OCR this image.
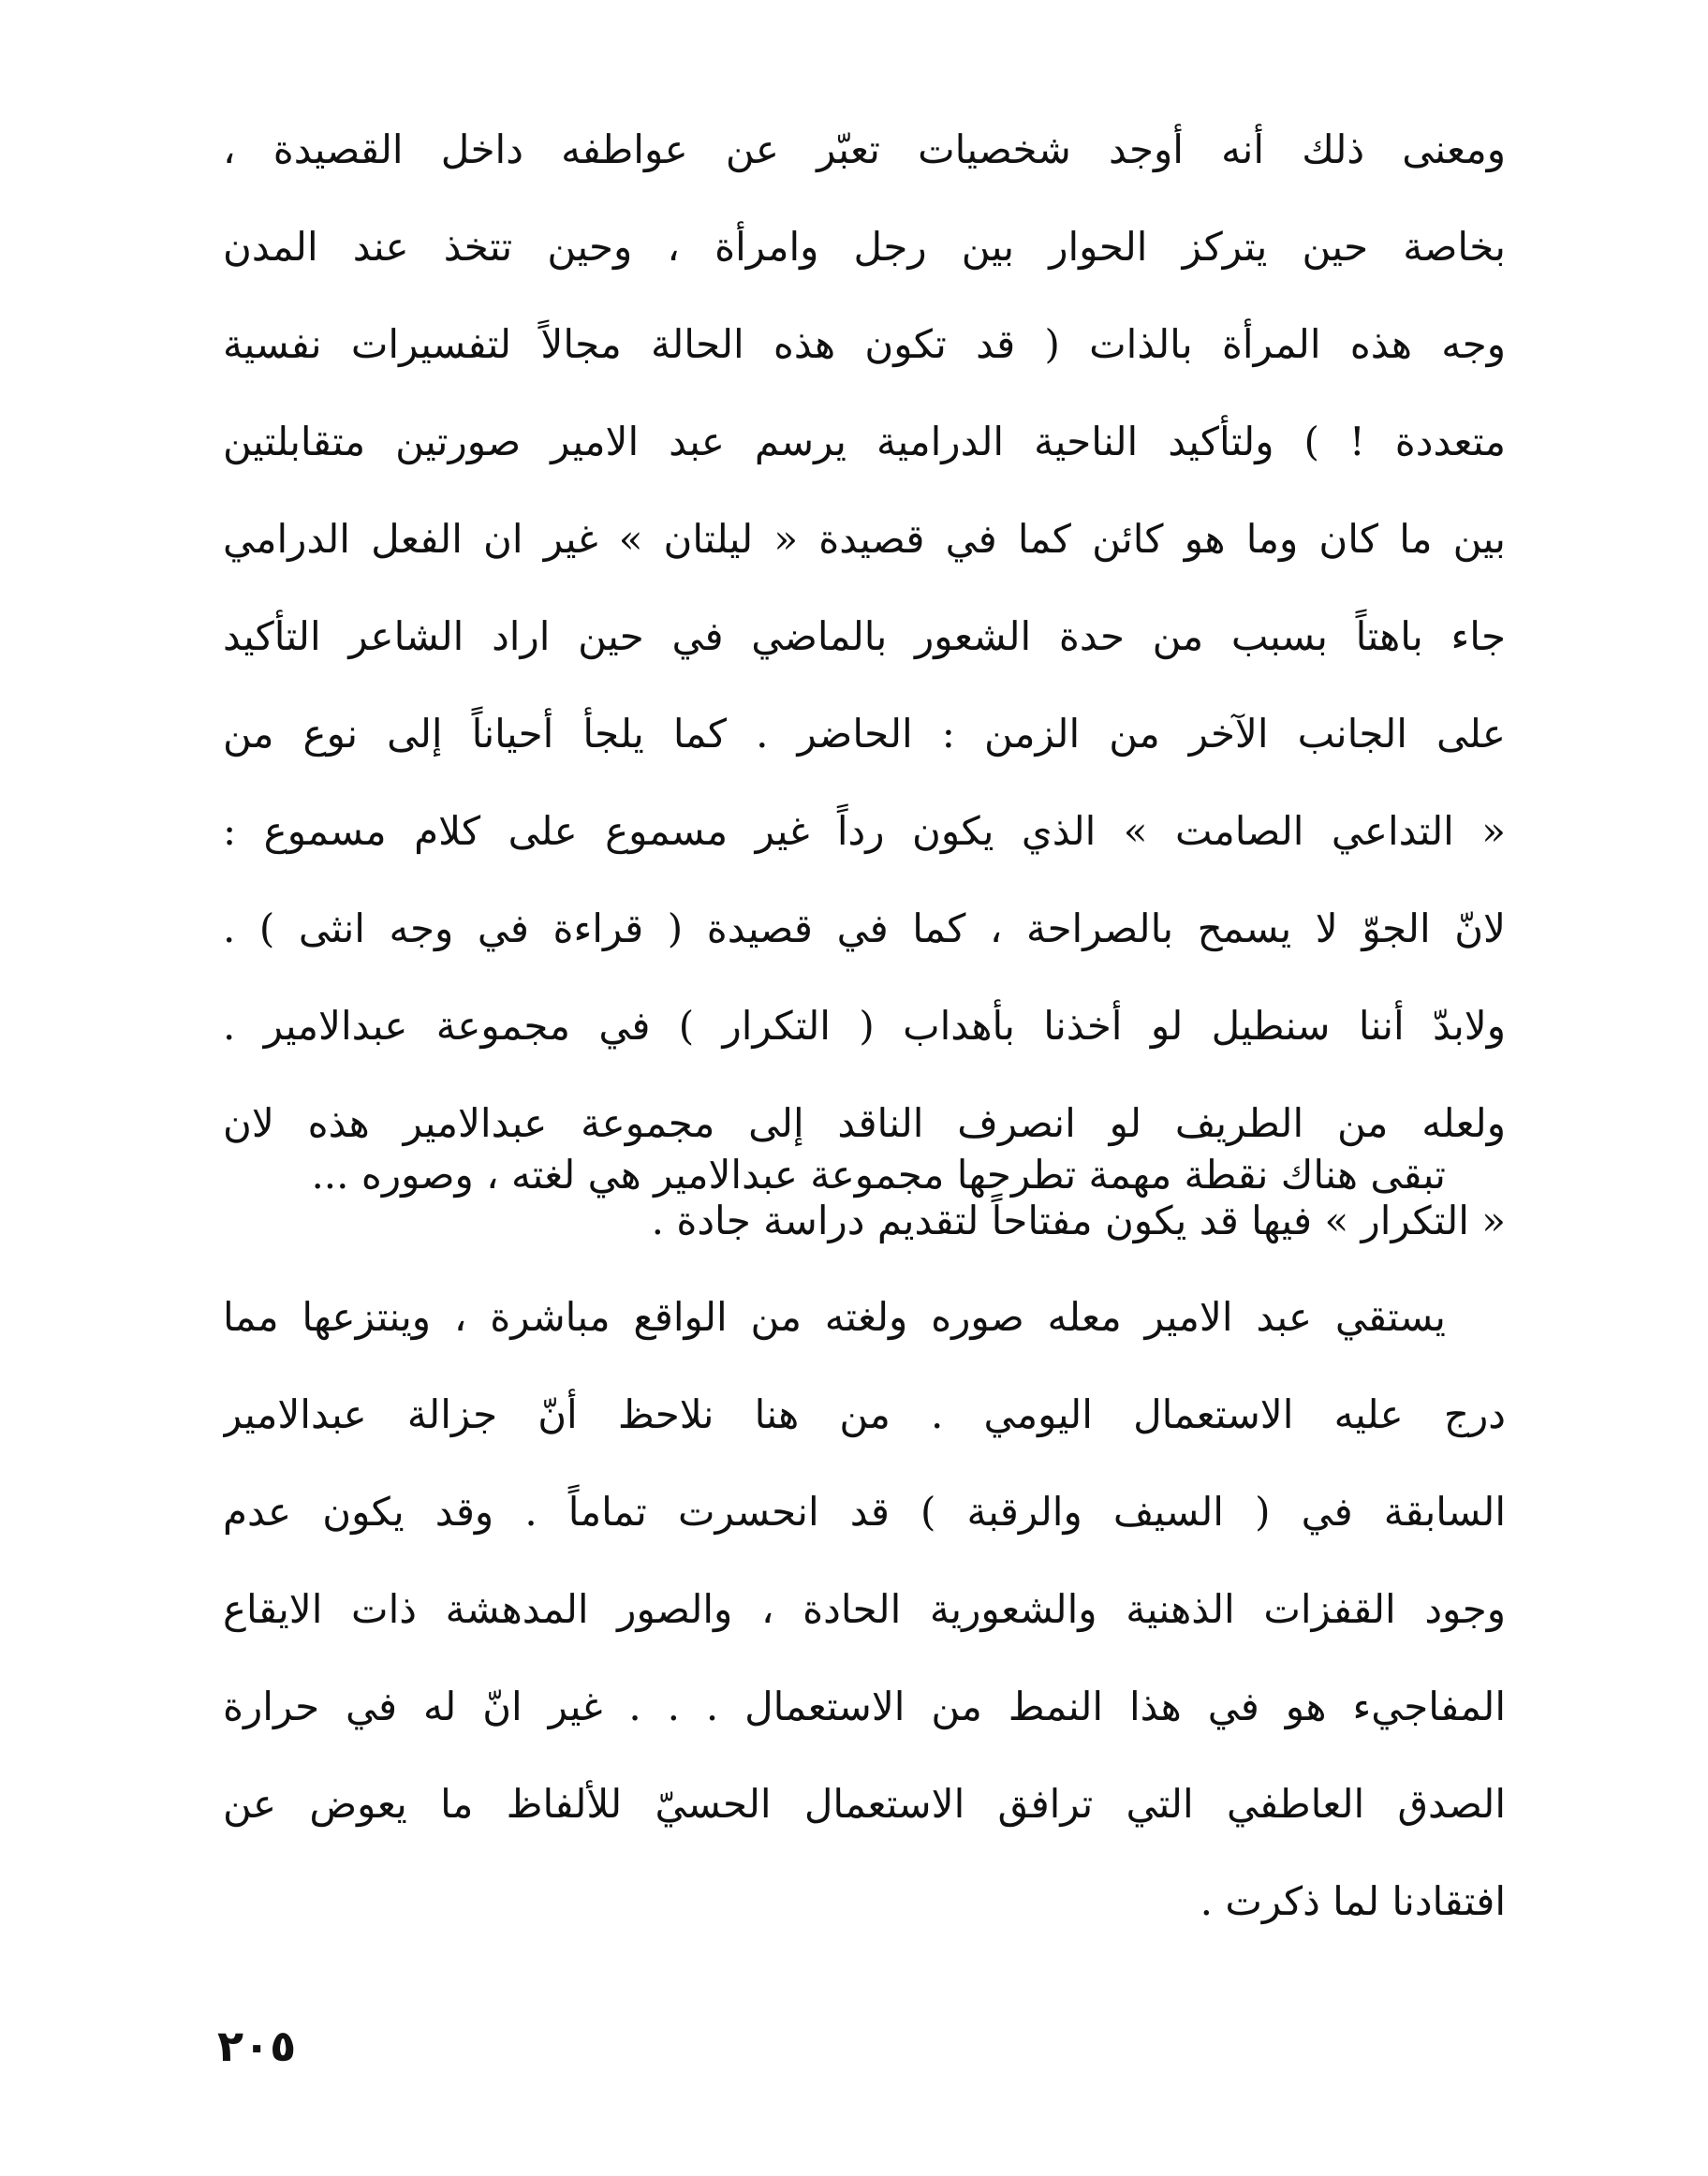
ومعنى ذلك أنه أوجد شخصيات تعبّر عن عواطفه داخل القصيدة ،
بخاصة حين يتركز الحوار بين رجل وامرأة ، وحين تتخذ عند المدن
وجه هذه المرأة بالذات ( قد تكون هذه الحالة مجالاً لتفسيرات نفسية
متعددة ! ) ولتأكيد الناحية الدرامية يرسم عبد الامير صورتين متقابلتين
بين ما كان وما هو كائن كما في قصيدة « ليلتان » غير ان الفعل الدرامي
جاء باهتاً بسبب من حدة الشعور بالماضي في حين اراد الشاعر التأكيد
على الجانب الآخر من الزمن : الحاضر . كما يلجأ أحياناً إلى نوع من
« التداعي الصامت » الذي يكون رداً غير مسموع على كلام مسموع :
لانّ الجوّ لا يسمح بالصراحة ، كما في قصيدة ( قراءة في وجه انثى ) .
ولابدّ أننا سنطيل لو أخذنا بأهداب ( التكرار ) في مجموعة عبدالامير .
ولعله من الطريف لو انصرف الناقد إلى مجموعة عبدالامير هذه لان
« التكرار » فيها قد يكون مفتاحاً لتقديم دراسة جادة .

تبقى هناك نقطة مهمة تطرحها مجموعة عبدالامير هي لغته ، وصوره ...

يستقي عبد الامير معله صوره ولغته من الواقع مباشرة ، وينتزعها مما
درج عليه الاستعمال اليومي . من هنا نلاحظ أنّ جزالة عبدالامير
السابقة في ( السيف والرقبة ) قد انحسرت تماماً . وقد يكون عدم
وجود القفزات الذهنية والشعورية الحادة ، والصور المدهشة ذات الايقاع
المفاجيء هو في هذا النمط من الاستعمال . . . غير انّ له في حرارة
الصدق العاطفي التي ترافق الاستعمال الحسيّ للألفاظ ما يعوض عن
افتقادنا لما ذكرت .

٢٠٥
